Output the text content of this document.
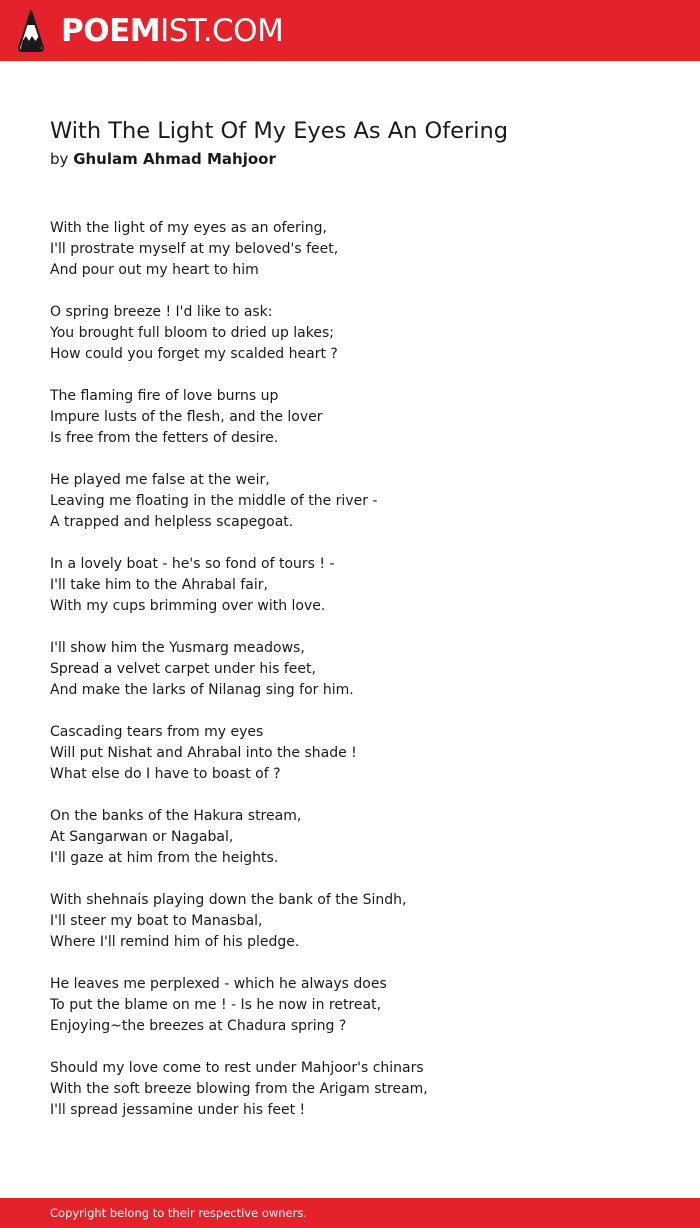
POEMIST.COM
With The Light Of My Eyes As An Ofering
by Ghulam Ahmad Mahjoor
With the light of my eyes as an ofering,
I'll prostrate myself at my beloved's feet,
And pour out my heart to him
O spring breeze ! I'd like to ask:
You brought full bloom to dried up lakes;
How could you forget my scalded heart ?
The flaming fire of love burns up
Impure lusts of the flesh, and the lover
Is free from the fetters of desire.
He played me false at the weir,
Leaving me floating in the middle of the river -
A trapped and helpless scapegoat.
In a lovely boat - he's so fond of tours ! -
I'll take him to the Ahrabal fair,
With my cups brimming over with love.
I'll show him the Yusmarg meadows,
Spread a velvet carpet under his feet,
And make the larks of Nilanag sing for him.
Cascading tears from my eyes
Will put Nishat and Ahrabal into the shade !
What else do I have to boast of ?
On the banks of the Hakura stream,
At Sangarwan or Nagabal,
I'll gaze at him from the heights.
With shehnais playing down the bank of the Sindh,
I'll steer my boat to Manasbal,
Where I'll remind him of his pledge.
He leaves me perplexed - which he always does
To put the blame on me ! - Is he now in retreat,
Enjoying~the breezes at Chadura spring ?
Should my love come to rest under Mahjoor's chinars
With the soft breeze blowing from the Arigam stream,
I'll spread jessamine under his feet !
Copyright belong to their respective owners.
